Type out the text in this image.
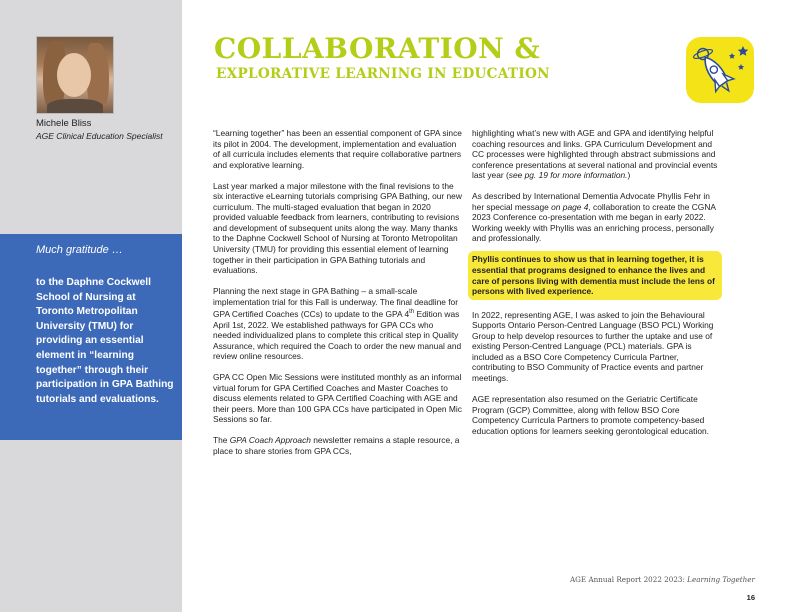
Michele Bliss
AGE Clinical Education Specialist
Much gratitude …
to the Daphne Cockwell School of Nursing at Toronto Metropolitan University (TMU) for providing an essential element in “learning together” through their participation in GPA Bathing tutorials and evaluations.
COLLABORATION &
EXPLORATIVE LEARNING IN EDUCATION

“Learning together” has been an essential component of GPA since its pilot in 2004. The development, implementation and evaluation of all curricula includes elements that require collaborative partners and explorative learning.

Last year marked a major milestone with the final revisions to the six interactive eLearning tutorials comprising GPA Bathing, our new curriculum. The multi-staged evaluation that began in 2020 provided valuable feedback from learners, contributing to revisions and development of subsequent units along the way. Many thanks to the Daphne Cockwell School of Nursing at Toronto Metropolitan University (TMU) for providing this essential element of learning together in their participation in GPA Bathing tutorials and evaluations.

Planning the next stage in GPA Bathing – a small-scale implementation trial for this Fall is underway. The final deadline for GPA Certified Coaches (CCs) to update to the GPA 4th Edition was April 1st, 2022. We established pathways for GPA CCs who needed individualized plans to complete this critical step in Quality Assurance, which required the Coach to order the new manual and review online resources.

GPA CC Open Mic Sessions were instituted monthly as an informal virtual forum for GPA Certified Coaches and Master Coaches to discuss elements related to GPA Certified Coaching with AGE and their peers. More than 100 GPA CCs have participated in Open Mic Sessions so far.

The GPA Coach Approach newsletter remains a staple resource, a place to share stories from GPA CCs,

highlighting what’s new with AGE and GPA and identifying helpful coaching resources and links. GPA Curriculum Development and CC processes were highlighted through abstract submissions and conference presentations at several national and provincial events last year (see pg. 19 for more information.)

As described by International Dementia Advocate Phyllis Fehr in her special message on page 4, collaboration to create the CGNA 2023 Conference co-presentation with me began in early 2022. Working weekly with Phyllis was an enriching process, personally and professionally.

Phyllis continues to show us that in learning together, it is essential that programs designed to enhance the lives and care of persons living with dementia must include the lens of persons with lived experience.

In 2022, representing AGE, I was asked to join the Behavioural Supports Ontario Person-Centred Language (BSO PCL) Working Group to help develop resources to further the uptake and use of existing Person-Centred Language (PCL) materials. GPA is included as a BSO Core Competency Curricula Partner, contributing to BSO Community of Practice events and partner meetings.

AGE representation also resumed on the Geriatric Certificate Program (GCP) Committee, along with fellow BSO Core Competency Curricula Partners to promote competency-based education options for learners seeking gerontological education.

AGE Annual Report 2022 2023: Learning Together
16
